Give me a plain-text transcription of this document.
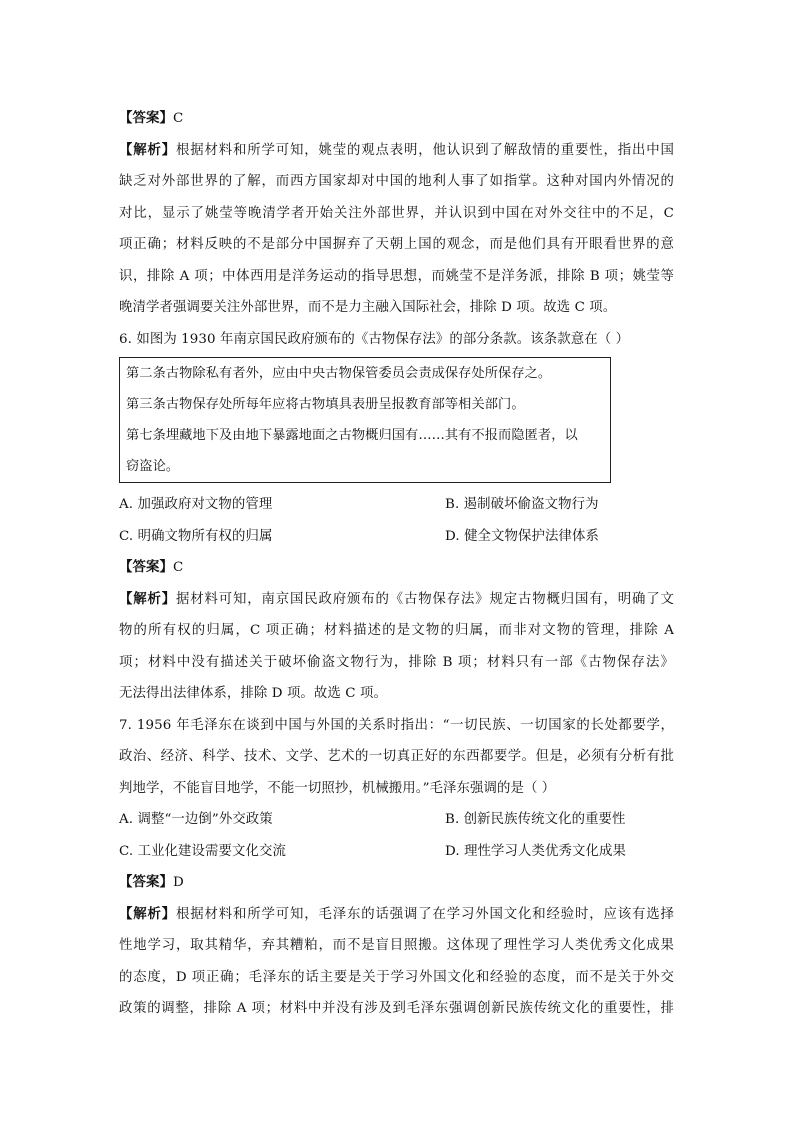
【答案】C
【解析】根据材料和所学可知，姚莹的观点表明，他认识到了解敌情的重要性，指出中国
缺乏对外部世界的了解，而西方国家却对中国的地利人事了如指掌。这种对国内外情况的
对比，显示了姚莹等晚清学者开始关注外部世界，并认识到中国在对外交往中的不足，C
项正确；材料反映的不是部分中国摒弃了天朝上国的观念，而是他们具有开眼看世界的意
识，排除 A 项；中体西用是洋务运动的指导思想，而姚莹不是洋务派，排除 B 项；姚莹等
晚清学者强调要关注外部世界，而不是力主融入国际社会，排除 D 项。故选 C 项。
6. 如图为 1930 年南京国民政府颁布的《古物保存法》的部分条款。该条款意在（ ）
第二条古物除私有者外，应由中央古物保管委员会责成保存处所保存之。
第三条古物保存处所每年应将古物填具表册呈报教育部等相关部门。
第七条埋藏地下及由地下暴露地面之古物概归国有……其有不报而隐匿者，以
窃盗论。
A. 加强政府对文物的管理	B. 遏制破坏偷盗文物行为
C. 明确文物所有权的归属	D. 健全文物保护法律体系
【答案】C
【解析】据材料可知，南京国民政府颁布的《古物保存法》规定古物概归国有，明确了文
物的所有权的归属，C 项正确；材料描述的是文物的归属，而非对文物的管理，排除 A
项；材料中没有描述关于破坏偷盗文物行为，排除 B 项；材料只有一部《古物保存法》
无法得出法律体系，排除 D 项。故选 C 项。
7. 1956 年毛泽东在谈到中国与外国的关系时指出：“一切民族、一切国家的长处都要学，
政治、经济、科学、技术、文学、艺术的一切真正好的东西都要学。但是，必须有分析有批
判地学，不能盲目地学，不能一切照抄，机械搬用。”毛泽东强调的是（ ）
A. 调整“一边倒”外交政策	B. 创新民族传统文化的重要性
C. 工业化建设需要文化交流	D. 理性学习人类优秀文化成果
【答案】D
【解析】根据材料和所学可知，毛泽东的话强调了在学习外国文化和经验时，应该有选择
性地学习，取其精华，弃其糟粕，而不是盲目照搬。这体现了理性学习人类优秀文化成果
的态度，D 项正确；毛泽东的话主要是关于学习外国文化和经验的态度，而不是关于外交
政策的调整，排除 A 项；材料中并没有涉及到毛泽东强调创新民族传统文化的重要性，排
